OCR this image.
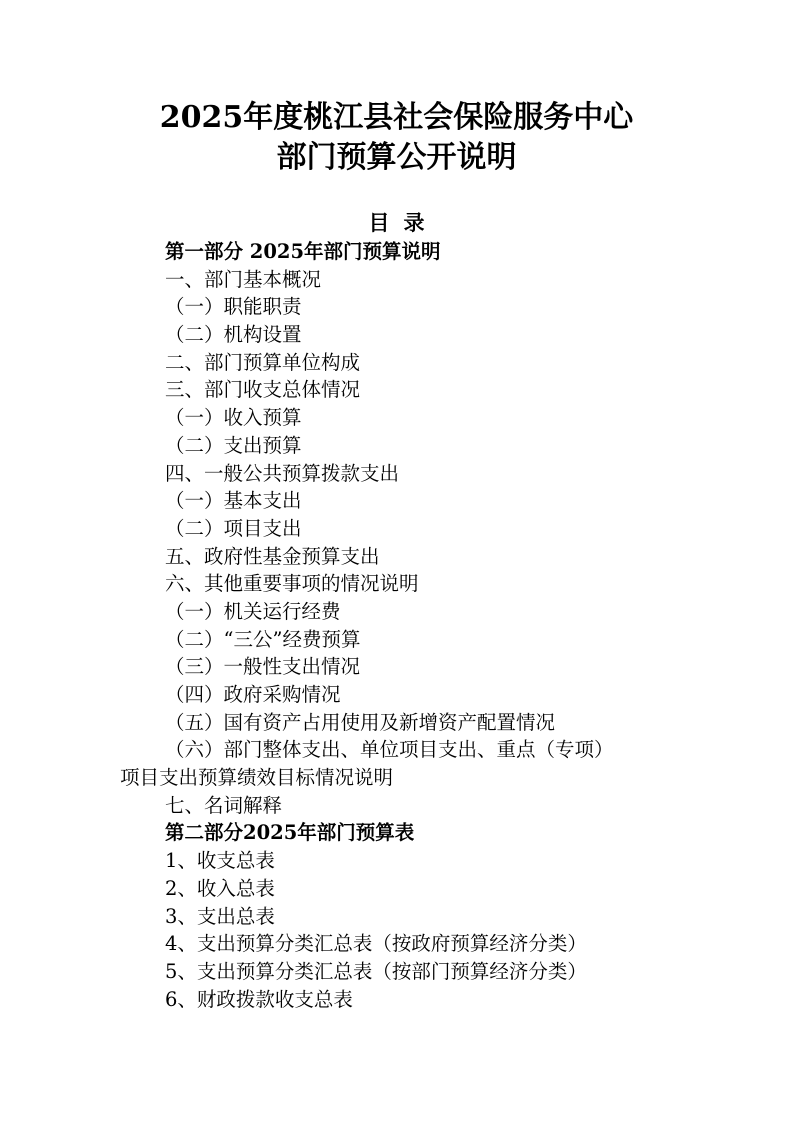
2025年度桃江县社会保险服务中心
部门预算公开说明
目录
第一部分 2025年部门预算说明
一、部门基本概况
（一）职能职责
（二）机构设置
二、部门预算单位构成
三、部门收支总体情况
（一）收入预算
（二）支出预算
四、一般公共预算拨款支出
（一）基本支出
（二）项目支出
五、政府性基金预算支出
六、其他重要事项的情况说明
（一）机关运行经费
（二）“三公”经费预算
（三）一般性支出情况
（四）政府采购情况
（五）国有资产占用使用及新增资产配置情况
（六）部门整体支出、单位项目支出、重点（专项）
项目支出预算绩效目标情况说明
七、名词解释
第二部分2025年部门预算表
1、收支总表
2、收入总表
3、支出总表
4、支出预算分类汇总表（按政府预算经济分类）
5、支出预算分类汇总表（按部门预算经济分类）
6、财政拨款收支总表
